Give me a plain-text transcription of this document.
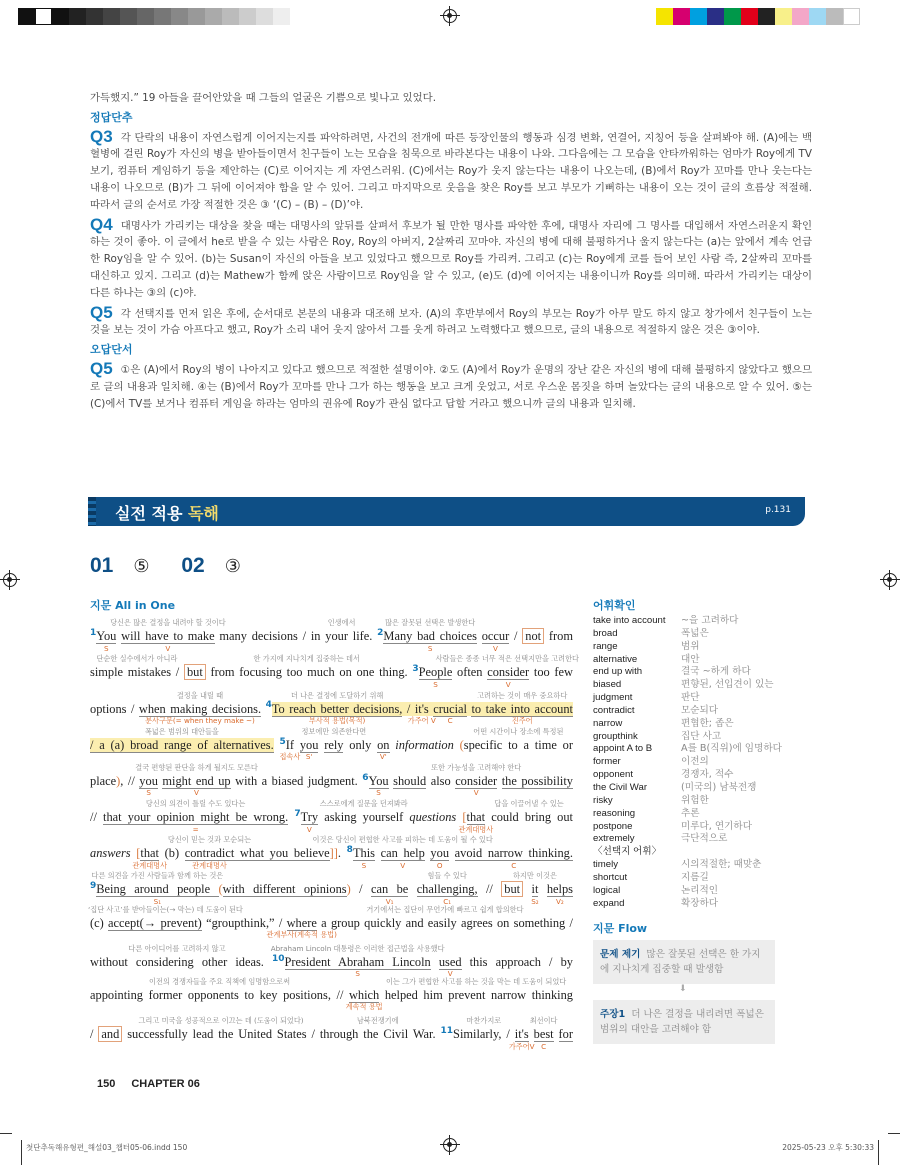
가득했지.” 19 아들을 끌어안았을 때 그들의 얼굴은 기쁨으로 빛나고 있었다.

정답단추

Q3 각 단락의 내용이 자연스럽게 이어지는지를 파악하려면, 사건의 전개에 따른 등장인물의 행동과 심경 변화, 연결어, 지칭어 등을 살펴봐야 해. (A)에는 백혈병에 걸린 Roy가 자신의 병을 받아들이면서 친구들이 노는 모습을 침묵으로 바라본다는 내용이 나와. 그다음에는 그 모습을 안타까워하는 엄마가 Roy에게 TV 보기, 컴퓨터 게임하기 등을 제안하는 (C)로 이어지는 게 자연스러워. (C)에서는 Roy가 웃지 않는다는 내용이 나오는데, (B)에서 Roy가 꼬마를 만나 웃는다는 내용이 나오므로 (B)가 그 뒤에 이어져야 함을 알 수 있어. 그리고 마지막으로 웃음을 찾은 Roy를 보고 부모가 기뻐하는 내용이 오는 것이 글의 흐름상 적절해. 따라서 글의 순서로 가장 적절한 것은 ③ ‘(C) – (B) – (D)’야.

Q4 대명사가 가리키는 대상을 찾을 때는 대명사의 앞뒤를 살펴서 후보가 될 만한 명사를 파악한 후에, 대명사 자리에 그 명사를 대입해서 자연스러운지 확인하는 것이 좋아. 이 글에서 he로 받을 수 있는 사람은 Roy, Roy의 아버지, 2살짜리 꼬마야. 자신의 병에 대해 불평하거나 울지 않는다는 (a)는 앞에서 계속 언급한 Roy임을 알 수 있어. (b)는 Susan이 자신의 아들을 보고 있었다고 했으므로 Roy를 가리켜. 그리고 (c)는 Roy에게 코를 들어 보인 사람 즉, 2살짜리 꼬마를 대신하고 있지. 그리고 (d)는 Mathew가 함께 앉은 사람이므로 Roy임을 알 수 있고, (e)도 (d)에 이어지는 내용이니까 Roy를 의미해. 따라서 가리키는 대상이 다른 하나는 ③의 (c)야.

Q5 각 선택지를 먼저 읽은 후에, 순서대로 본문의 내용과 대조해 보자. (A)의 후반부에서 Roy의 부모는 Roy가 아무 말도 하지 않고 창가에서 친구들이 노는 것을 보는 것이 가슴 아프다고 했고, Roy가 소리 내어 웃지 않아서 그를 웃게 하려고 노력했다고 했으므로, 글의 내용으로 적절하지 않은 것은 ③이야.

오답단서

Q5 ①은 (A)에서 Roy의 병이 나아지고 있다고 했으므로 적절한 설명이야. ②도 (A)에서 Roy가 운명의 장난 같은 자신의 병에 대해 불평하지 않았다고 했으므로 글의 내용과 일치해. ④는 (B)에서 Roy가 꼬마를 만나 그가 하는 행동을 보고 크게 웃었고, 서로 우스운 몸짓을 하며 놀았다는 글의 내용으로 알 수 있어. ⑤는 (C)에서 TV를 보거나 컴퓨터 게임을 하라는 엄마의 권유에 Roy가 관심 없다고 답할 거라고 했으니까 글의 내용과 일치해.

실전 적용 독해	p.131
01 ⑤ 02 ③
지문 All in One
$^1$You
S
will have to make
당신은 많은 결정을 내려야 할 것이다
V
many decisions / in your life.
인생에서
$^2$Many bad choices
많은 잘못된 선택은 발생한다
S
occur
V
/ not from
simple mistakes /
단순한 실수에서가 아니라
but from focusing too much on one thing.
한 가지에 지나치게 집중하는 데서
$^3$People
S
often consider
사람들은 종종 너무 적은 선택지만을 고려한다
V
too few
options / when making decisions.
결정을 내릴 때
분사구문(= when they make ~)
$^4$To reach better decisions,
더 나은 결정에 도달하기 위해
부사적 용법(목적)
/ it's
가주어 V
crucial
C
to take into account
고려하는 것이 매우 중요하다
진주어
/ a (a) broad range of alternatives.
폭넓은 범위의 대안들을
$^5$If
접속사
you
S'
rely
정보에만 의존한다면
only on
V'
information (specific to a time or
어떤 시간이나 장소에 특정된
place), // you
S
might end up
결국 편향된 판단을 하게 될지도 모른다
V
with a biased judgment. $^6$You
S
should also consider
또한 가능성을 고려해야 한다
V
the possibility
// that your opinion might be wrong.
당신의 의견이 틀릴 수도 있다는
=
$^7$Try
V
asking yourself
스스로에게 질문을 던져봐라
questions [that
관계대명사
could bring out
답을 이끌어낼 수 있는
answers [that
관계대명사
(b) contradict
당신이 믿는 것과 모순되는
관계대명사
what you believe]]. $^8$This
S
can help
이것은 당신이 편협한 사고를 피하는 데 도움이 될 수 있다
V
you
O
avoid narrow thinking.
C
$^9$Being around people
다른 의견을 가진 사람들과 함께 하는 것은
S₁
(with different opinions) / can be
V₁
challenging,
힘들 수 있다
C₁
// but it
하지만 이것은
S₂
helps
V₂
(c) accept(→ prevent)
‘집단 사고’를 받아들이는(→ 막는) 데 도움이 된다
“groupthink,” / where
관계부사(계속적 용법)
a group quickly and easily agrees on something /
거기에서는 집단이 무언가에 빠르고 쉽게 합의한다
without considering other ideas.
다른 아이디어를 고려하지 않고
$^{10}$President Abraham Lincoln
Abraham Lincoln 대통령은 이러한 접근법을 사용했다
S
used
V
this approach / by
appointing former opponents to key positions, //
이전의 경쟁자들을 주요 직책에 임명함으로써
which
계속적 용법
helped him prevent narrow thinking
이는 그가 편협한 사고를 하는 것을 막는 데 도움이 되었다
/ and successfully lead the United States /
그리고 미국을 성공적으로 이끄는 데 (도움이 되었다)
through the Civil War.
남북전쟁기에
$^{11}$Similarly, /
마찬가지로
it's
가주어V
best
최선이다
C
for
어휘확인
take into account	~을 고려하다
broad	폭넓은
range	범위
alternative	대안
end up with	결국 ~하게 하다
biased	편향된, 선입견이 있는
judgment	판단
contradict	모순되다
narrow	편협한; 좁은
groupthink	집단 사고
appoint A to B	A를 B(직위)에 임명하다
former	이전의
opponent	경쟁자, 적수
the Civil War	(미국의) 남북전쟁
risky	위험한
reasoning	추론
postpone	미루다, 연기하다
extremely	극단적으로
〈선택지 어휘〉
timely	시의적절한; 때맞춘
shortcut	지름길
logical	논리적인
expand	확장하다
지문 Flow
문제 제기 많은 잘못된 선택은 한 가지에 지나치게 집중할 때 발생함
⬇
주장1 더 나은 결정을 내리려면 폭넓은 범위의 대안을 고려해야 함
150 CHAPTER 06
첫단추독해유형편_해설03_챕터05-06.indd 150	2025-05-23 오후 5:30:33
